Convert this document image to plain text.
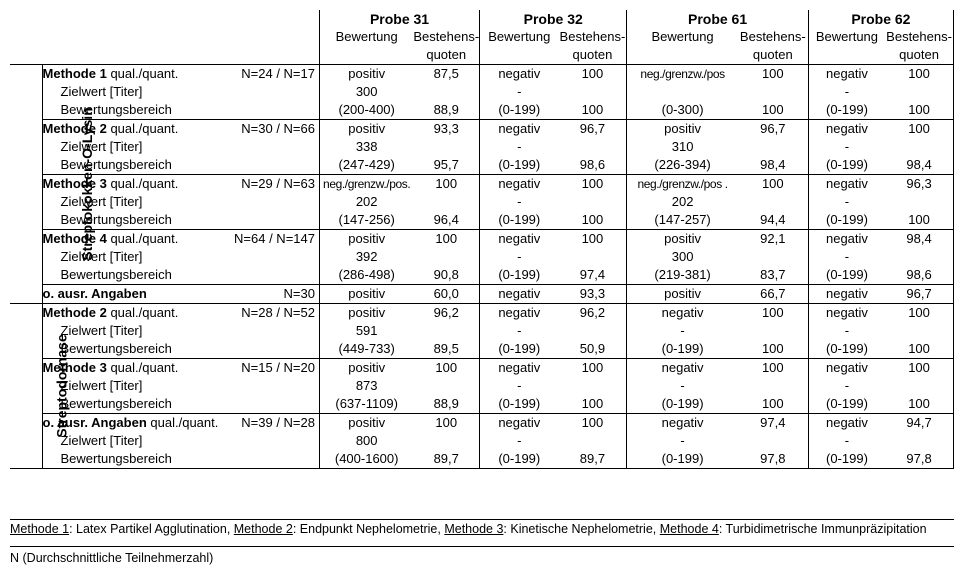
		Probe 31		Probe 32		Probe 61		Probe 62	
		Bewertung	Bestehens-	Bewertung	Bestehens-	Bewertung	Bestehens-	Bewertung	Bestehens-
			quoten		quoten		quoten		quoten
Streptokokken-O-Lysin	Methode 1 qual./quant. N=24 / N=17	positiv	87,5	negativ	100	neg./grenzw./pos	100	negativ	100
	Zielwert [Titer]	300		-				-	
	Bewertungsbereich	(200-400)	88,9	(0-199)	100	(0-300)	100	(0-199)	100
	Methode 2 qual./quant. N=30 / N=66	positiv	93,3	negativ	96,7	positiv	96,7	negativ	100
	Zielwert [Titer]	338		-		310		-	
	Bewertungsbereich	(247-429)	95,7	(0-199)	98,6	(226-394)	98,4	(0-199)	98,4
	Methode 3 qual./quant. N=29 / N=63	neg./grenzw./pos.	100	negativ	100	neg./grenzw./pos .	100	negativ	96,3
	Zielwert [Titer]	202		-		202		-	
	Bewertungsbereich	(147-256)	96,4	(0-199)	100	(147-257)	94,4	(0-199)	100
	Methode 4 qual./quant. N=64 / N=147	positiv	100	negativ	100	positiv	92,1	negativ	98,4
	Zielwert [Titer]	392		-		300		-	
	Bewertungsbereich	(286-498)	90,8	(0-199)	97,4	(219-381)	83,7	(0-199)	98,6
	o. ausr. Angaben N=30	positiv	60,0	negativ	93,3	positiv	66,7	negativ	96,7
Streptodornase	Methode 2 qual./quant. N=28 / N=52	positiv	96,2	negativ	96,2	negativ	100	negativ	100
	Zielwert [Titer]	591		-		-		-	
	Bewertungsbereich	(449-733)	89,5	(0-199)	50,9	(0-199)	100	(0-199)	100
	Methode 3 qual./quant. N=15 / N=20	positiv	100	negativ	100	negativ	100	negativ	100
	Zielwert [Titer]	873		-		-		-	
	Bewertungsbereich	(637-1109)	88,9	(0-199)	100	(0-199)	100	(0-199)	100
	o. ausr. Angaben qual./quant. N=39 / N=28	positiv	100	negativ	100	negativ	97,4	negativ	94,7
	Zielwert [Titer]	800		-		-		-	
	Bewertungsbereich	(400-1600)	89,7	(0-199)	89,7	(0-199)	97,8	(0-199)	97,8
Methode 1: Latex Partikel Agglutination, Methode 2: Endpunkt Nephelometrie, Methode 3: Kinetische Nephelometrie, Methode 4: Turbidimetrische Immunpräzipitation
N (Durchschnittliche Teilnehmerzahl)
